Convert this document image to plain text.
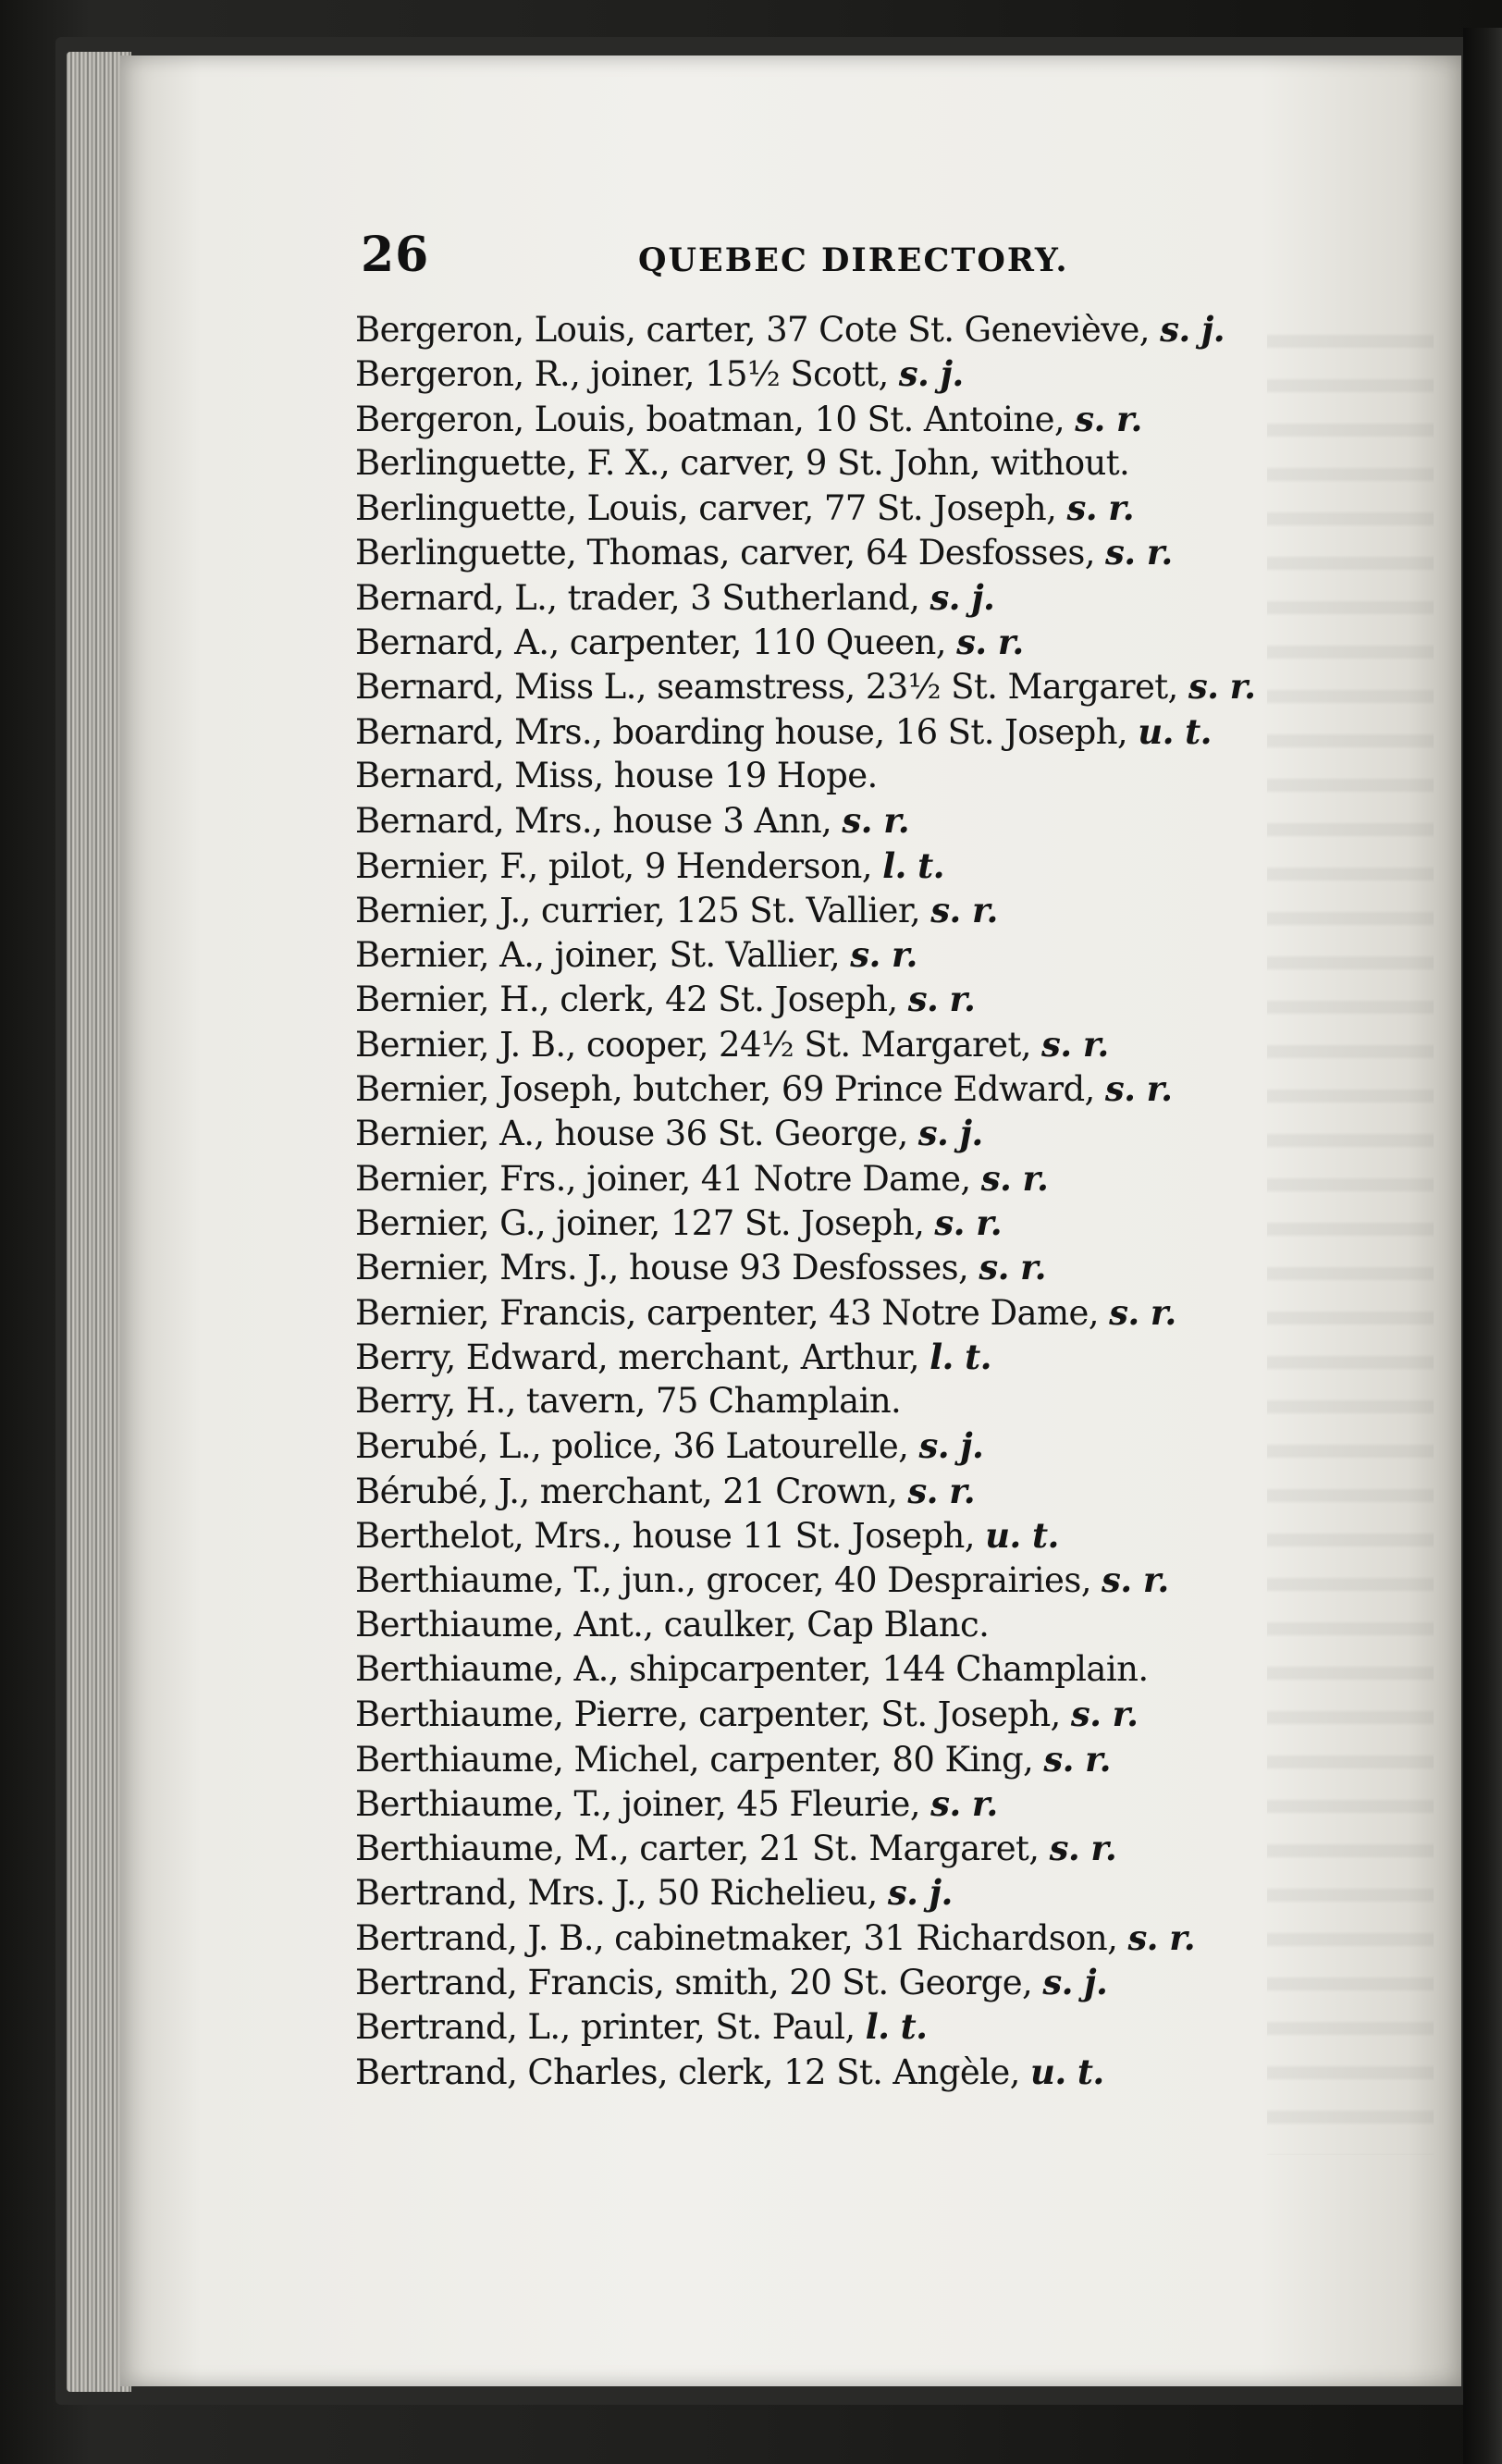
26	QUEBEC DIRECTORY.
Bergeron, Louis, carter, 37 Cote St. Geneviève, s. j.
Bergeron, R., joiner, 15½ Scott, s. j.
Bergeron, Louis, boatman, 10 St. Antoine, s. r.
Berlinguette, F. X., carver, 9 St. John, without.
Berlinguette, Louis, carver, 77 St. Joseph, s. r.
Berlinguette, Thomas, carver, 64 Desfosses, s. r.
Bernard, L., trader, 3 Sutherland, s. j.
Bernard, A., carpenter, 110 Queen, s. r.
Bernard, Miss L., seamstress, 23½ St. Margaret, s. r.
Bernard, Mrs., boarding house, 16 St. Joseph, u. t.
Bernard, Miss, house 19 Hope.
Bernard, Mrs., house 3 Ann, s. r.
Bernier, F., pilot, 9 Henderson, l. t.
Bernier, J., currier, 125 St. Vallier, s. r.
Bernier, A., joiner, St. Vallier, s. r.
Bernier, H., clerk, 42 St. Joseph, s. r.
Bernier, J. B., cooper, 24½ St. Margaret, s. r.
Bernier, Joseph, butcher, 69 Prince Edward, s. r.
Bernier, A., house 36 St. George, s. j.
Bernier, Frs., joiner, 41 Notre Dame, s. r.
Bernier, G., joiner, 127 St. Joseph, s. r.
Bernier, Mrs. J., house 93 Desfosses, s. r.
Bernier, Francis, carpenter, 43 Notre Dame, s. r.
Berry, Edward, merchant, Arthur, l. t.
Berry, H., tavern, 75 Champlain.
Berubé, L., police, 36 Latourelle, s. j.
Bérubé, J., merchant, 21 Crown, s. r.
Berthelot, Mrs., house 11 St. Joseph, u. t.
Berthiaume, T., jun., grocer, 40 Desprairies, s. r.
Berthiaume, Ant., caulker, Cap Blanc.
Berthiaume, A., shipcarpenter, 144 Champlain.
Berthiaume, Pierre, carpenter, St. Joseph, s. r.
Berthiaume, Michel, carpenter, 80 King, s. r.
Berthiaume, T., joiner, 45 Fleurie, s. r.
Berthiaume, M., carter, 21 St. Margaret, s. r.
Bertrand, Mrs. J., 50 Richelieu, s. j.
Bertrand, J. B., cabinetmaker, 31 Richardson, s. r.
Bertrand, Francis, smith, 20 St. George, s. j.
Bertrand, L., printer, St. Paul, l. t.
Bertrand, Charles, clerk, 12 St. Angèle, u. t.
